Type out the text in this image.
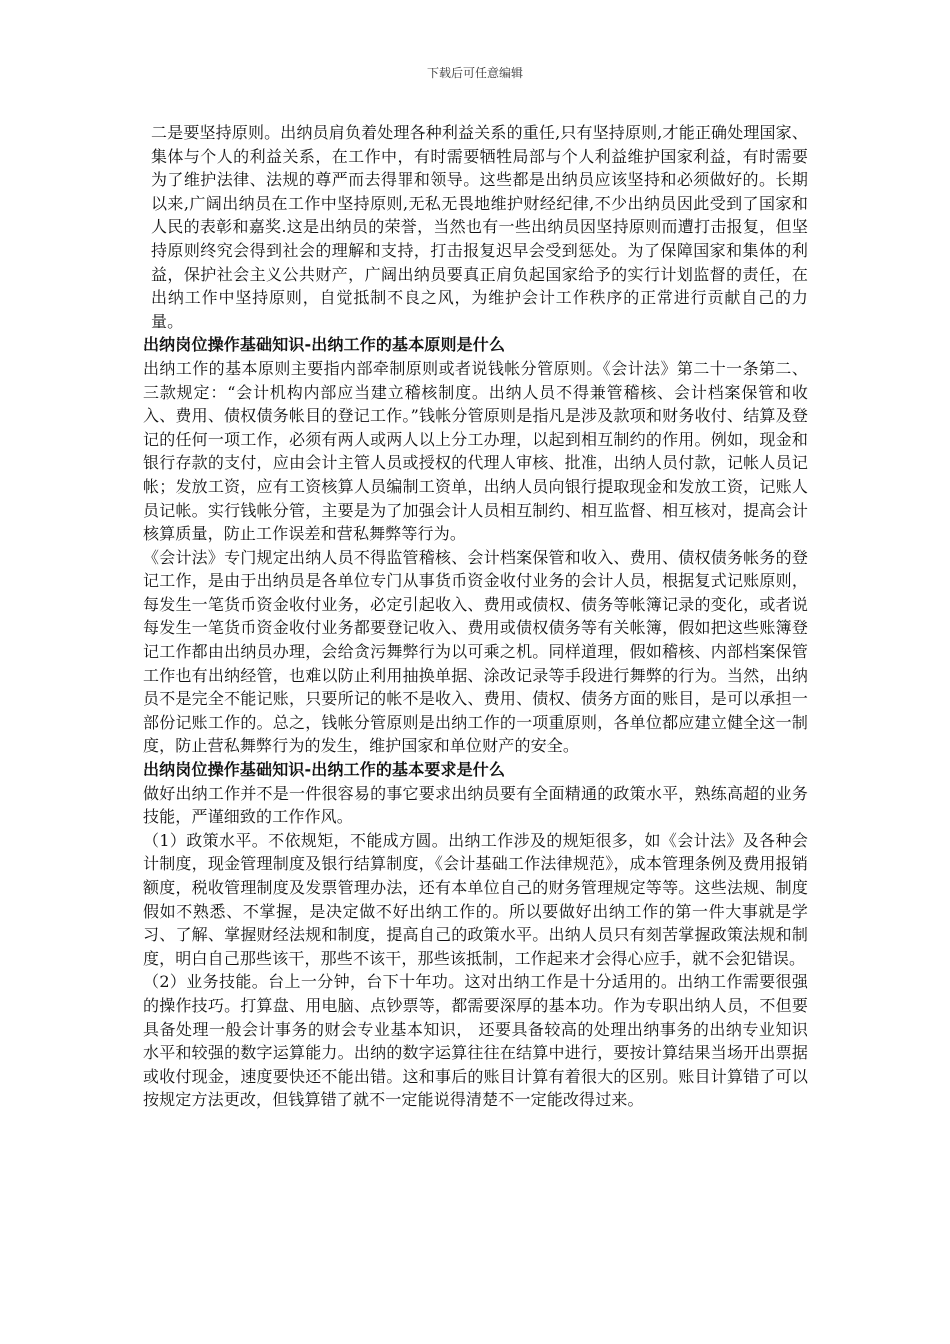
下载后可任意编辑

二是要坚持原则。出纳员肩负着处理各种利益关系的重任,只有坚持原则,才能正确处理国家、集体与个人的利益关系，在工作中，有时需要牺牲局部与个人利益维护国家利益，有时需要为了维护法律、法规的尊严而去得罪和领导。这些都是出纳员应该坚持和必须做好的。长期以来,广阔出纳员在工作中坚持原则,无私无畏地维护财经纪律,不少出纳员因此受到了国家和人民的表彰和嘉奖.这是出纳员的荣誉，当然也有一些出纳员因坚持原则而遭打击报复，但坚持原则终究会得到社会的理解和支持，打击报复迟早会受到惩处。为了保障国家和集体的利益，保护社会主义公共财产，广阔出纳员要真正肩负起国家给予的实行计划监督的责任，在出纳工作中坚持原则，自觉抵制不良之风，为维护会计工作秩序的正常进行贡献自己的力量。

出纳岗位操作基础知识-出纳工作的基本原则是什么

出纳工作的基本原则主要指内部牵制原则或者说钱帐分管原则。《会计法》第二十一条第二、三款规定：“会计机构内部应当建立稽核制度。出纳人员不得兼管稽核、会计档案保管和收入、费用、债权债务帐目的登记工作。”钱帐分管原则是指凡是涉及款项和财务收付、结算及登记的任何一项工作，必须有两人或两人以上分工办理，以起到相互制约的作用。例如，现金和银行存款的支付，应由会计主管人员或授权的代理人审核、批准，出纳人员付款，记帐人员记帐；发放工资，应有工资核算人员编制工资单，出纳人员向银行提取现金和发放工资，记账人员记帐。实行钱帐分管，主要是为了加强会计人员相互制约、相互监督、相互核对，提高会计核算质量，防止工作误差和营私舞弊等行为。

《会计法》专门规定出纳人员不得监管稽核、会计档案保管和收入、费用、债权债务帐务的登记工作，是由于出纳员是各单位专门从事货币资金收付业务的会计人员，根据复式记账原则，每发生一笔货币资金收付业务，必定引起收入、费用或债权、债务等帐簿记录的变化，或者说每发生一笔货币资金收付业务都要登记收入、费用或债权债务等有关帐簿，假如把这些账簿登记工作都由出纳员办理，会给贪污舞弊行为以可乘之机。同样道理，假如稽核、内部档案保管工作也有出纳经管，也难以防止利用抽换单据、涂改记录等手段进行舞弊的行为。当然，出纳员不是完全不能记账，只要所记的帐不是收入、费用、债权、债务方面的账目，是可以承担一部份记账工作的。总之，钱帐分管原则是出纳工作的一项重原则，各单位都应建立健全这一制度，防止营私舞弊行为的发生，维护国家和单位财产的安全。

出纳岗位操作基础知识-出纳工作的基本要求是什么

做好出纳工作并不是一件很容易的事它要求出纳员要有全面精通的政策水平，熟练高超的业务技能，严谨细致的工作作风。

（1）政策水平。不依规矩，不能成方圆。出纳工作涉及的规矩很多，如《会计法》及各种会计制度，现金管理制度及银行结算制度，《会计基础工作法律规范》，成本管理条例及费用报销额度，税收管理制度及发票管理办法，还有本单位自己的财务管理规定等等。这些法规、制度假如不熟悉、不掌握，是决定做不好出纳工作的。所以要做好出纳工作的第一件大事就是学习、了解、掌握财经法规和制度，提高自己的政策水平。出纳人员只有刻苦掌握政策法规和制度，明白自己那些该干，那些不该干，那些该抵制，工作起来才会得心应手，就不会犯错误。

（2）业务技能。台上一分钟，台下十年功。这对出纳工作是十分适用的。出纳工作需要很强的操作技巧。打算盘、用电脑、点钞票等，都需要深厚的基本功。作为专职出纳人员，不但要具备处理一般会计事务的财会专业基本知识， 还要具备较高的处理出纳事务的出纳专业知识水平和较强的数字运算能力。出纳的数字运算往往在结算中进行，要按计算结果当场开出票据或收付现金，速度要快还不能出错。这和事后的账目计算有着很大的区别。账目计算错了可以按规定方法更改，但钱算错了就不一定能说得清楚不一定能改得过来。
